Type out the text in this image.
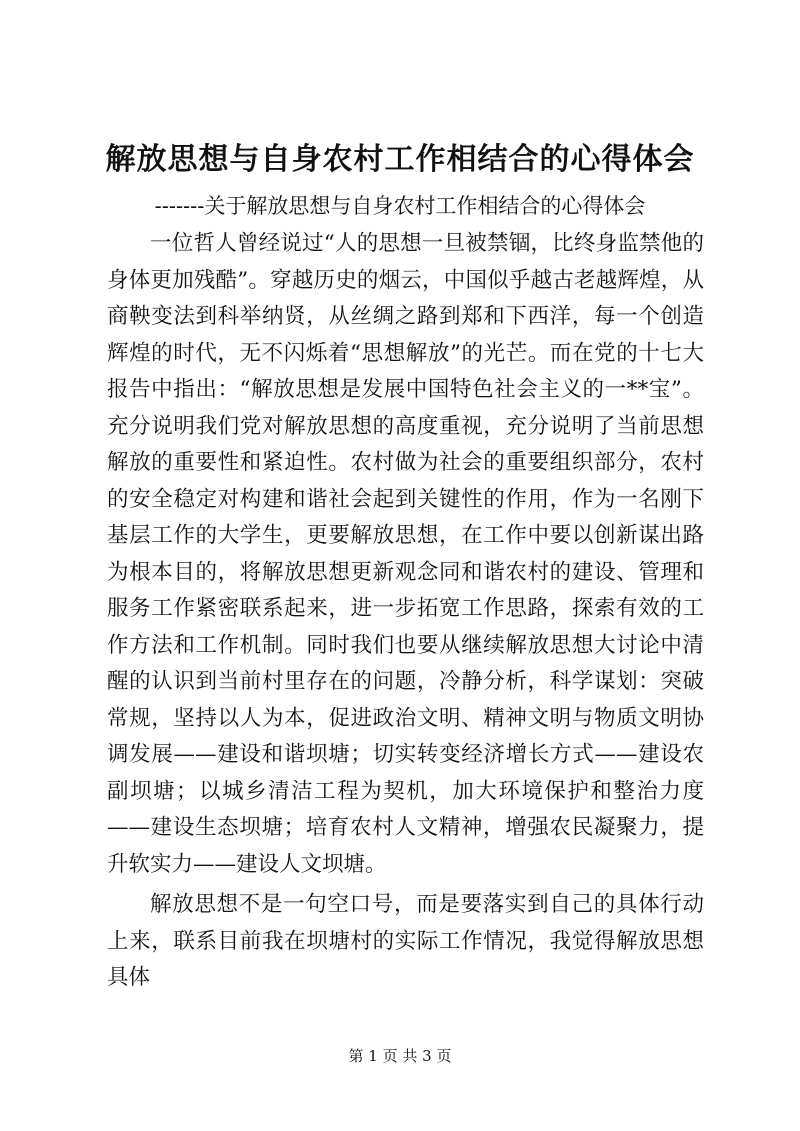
解放思想与自身农村工作相结合的心得体会
-------关于解放思想与自身农村工作相结合的心得体会

一位哲人曾经说过“人的思想一旦被禁锢，比终身监禁他的身体更加残酷”。穿越历史的烟云，中国似乎越古老越辉煌，从商鞅变法到科举纳贤，从丝绸之路到郑和下西洋，每一个创造辉煌的时代，无不闪烁着“思想解放”的光芒。而在党的十七大报告中指出：“解放思想是发展中国特色社会主义的一**宝”。充分说明我们党对解放思想的高度重视，充分说明了当前思想解放的重要性和紧迫性。农村做为社会的重要组织部分，农村的安全稳定对构建和谐社会起到关键性的作用，作为一名刚下基层工作的大学生，更要解放思想，在工作中要以创新谋出路为根本目的，将解放思想更新观念同和谐农村的建设、管理和服务工作紧密联系起来，进一步拓宽工作思路，探索有效的工作方法和工作机制。同时我们也要从继续解放思想大讨论中清醒的认识到当前村里存在的问题，冷静分析，科学谋划：突破常规，坚持以人为本，促进政治文明、精神文明与物质文明协调发展——建设和谐坝塘；切实转变经济增长方式——建设农副坝塘；以城乡清洁工程为契机，加大环境保护和整治力度——建设生态坝塘；培育农村人文精神，增强农民凝聚力，提升软实力——建设人文坝塘。

解放思想不是一句空口号，而是要落实到自己的具体行动上来，联系目前我在坝塘村的实际工作情况，我觉得解放思想具体

第 1 页 共 3 页
